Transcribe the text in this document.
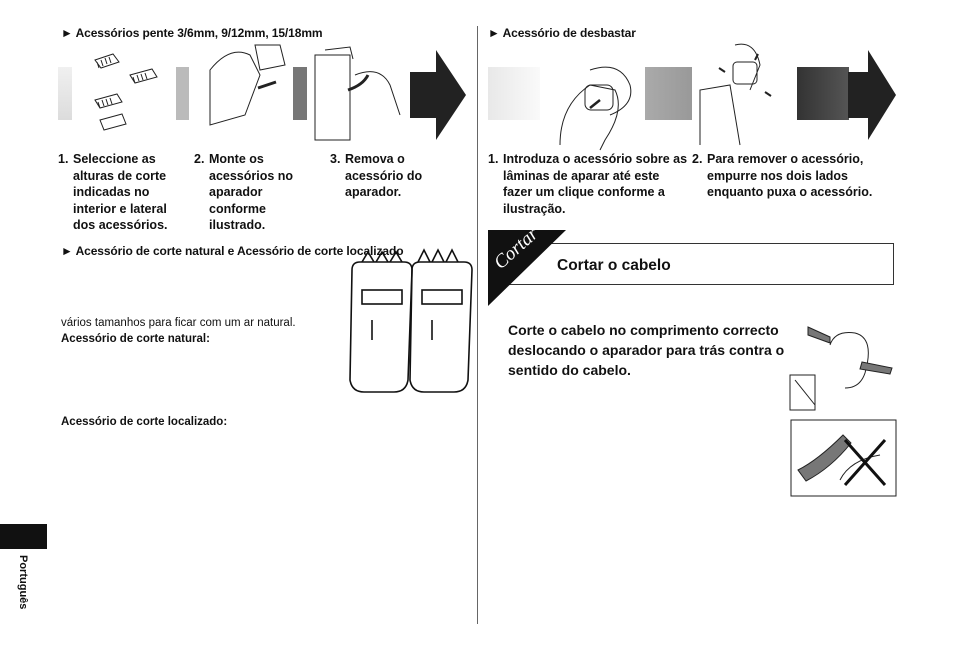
► Acessórios pente 3/6mm, 9/12mm, 15/18mm
1. Seleccione as alturas de corte indicadas no interior e lateral dos acessórios.
2. Monte os acessórios no aparador conforme ilustrado.
3. Remova o acessório do aparador.
► Acessório de corte natural e Acessório de corte localizado
vários tamanhos para ficar com um ar natural.
Acessório de corte natural:
Acessório de corte localizado:
Português
► Acessório de desbastar
1. Introduza o acessório sobre as lâminas de aparar até este fazer um clique conforme a ilustração.
2. Para remover o acessório, empurre nos dois lados enquanto puxa o acessório.
Cortar Cortar o cabelo
Corte o cabelo no comprimento correcto deslocando o aparador para trás contra o sentido do cabelo.
